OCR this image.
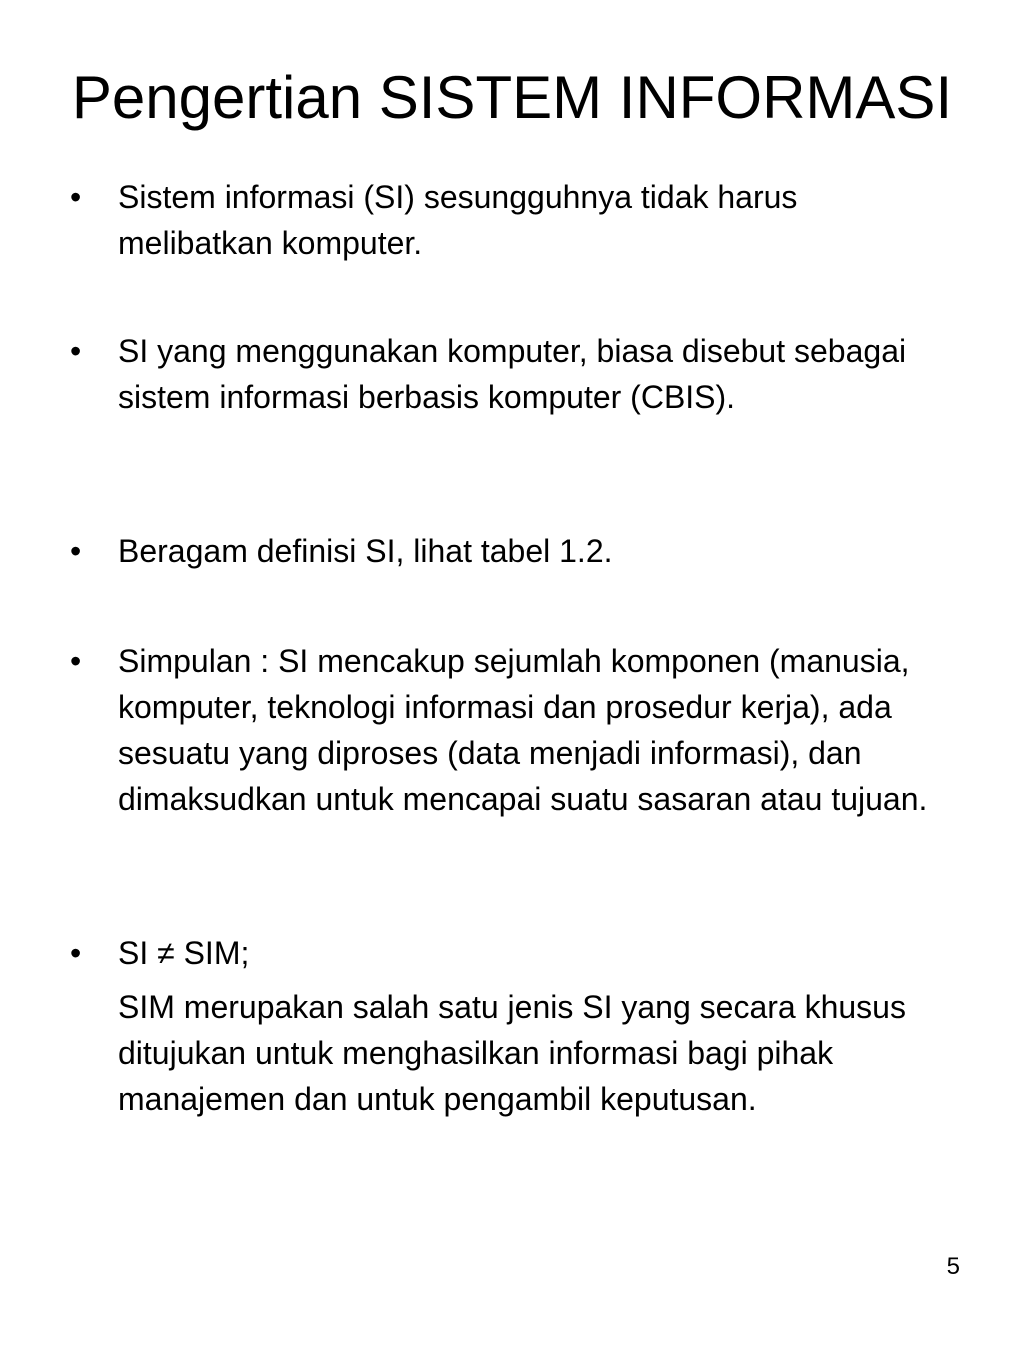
Pengertian SISTEM INFORMASI
•	Sistem informasi (SI) sesungguhnya tidak harus melibatkan komputer.
•	SI yang menggunakan komputer, biasa disebut sebagai sistem informasi berbasis komputer (CBIS).
•	Beragam definisi SI, lihat tabel 1.2.
•	Simpulan : SI mencakup sejumlah komponen (manusia, komputer, teknologi informasi dan prosedur kerja), ada sesuatu yang diproses (data menjadi informasi), dan dimaksudkan untuk mencapai suatu sasaran atau tujuan.
•	SI ≠ SIM;

SIM merupakan salah satu jenis SI yang secara khusus ditujukan untuk menghasilkan informasi bagi pihak manajemen dan untuk pengambil keputusan.

5
